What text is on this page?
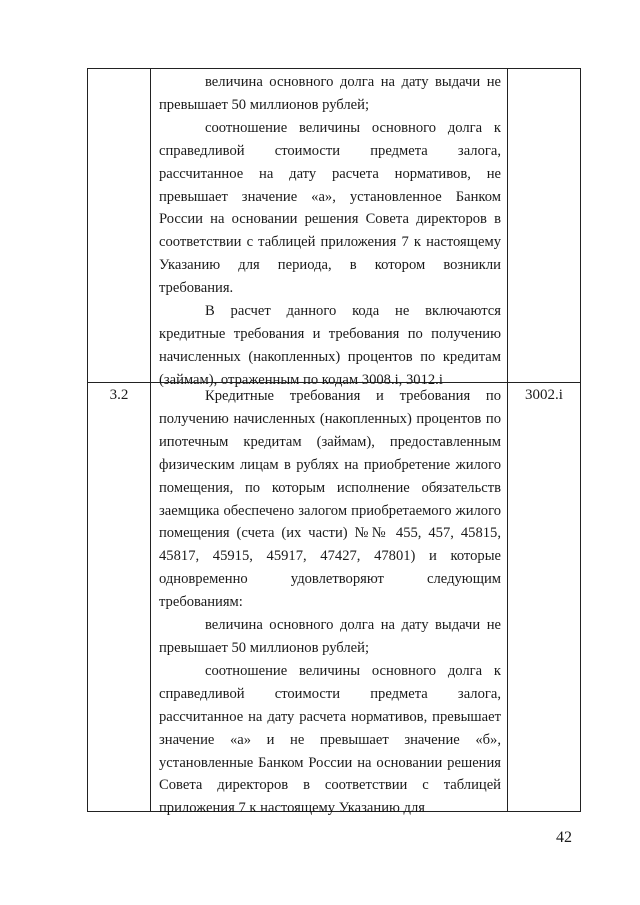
	величина основного долга на дату выдачи не превышает 50 миллионов рублей;

соотношение величины основного долга к справедливой стоимости предмета залога, рассчитанное на дату расчета нормативов, не превышает значение «а», установленное Банком России на основании решения Совета директоров в соответствии с таблицей приложения 7 к настоящему Указанию для периода, в котором возникли требования.

В расчет данного кода не включаются кредитные требования и требования по получению начисленных (накопленных) процентов по кредитам (займам), отраженным по кодам 3008.i, 3012.i	

3.2	Кредитные требования и требования по получению начисленных (накопленных) процентов по ипотечным кредитам (займам), предоставленным физическим лицам в рублях на приобретение жилого помещения, по которым исполнение обязательств заемщика обеспечено залогом приобретаемого жилого помещения (счета (их части) №№ 455, 457, 45815, 45817, 45915, 45917, 47427, 47801) и которые одновременно удовлетворяют следующим требованиям:

величина основного долга на дату выдачи не превышает 50 миллионов рублей;

соотношение величины основного долга к справедливой стоимости предмета залога, рассчитанное на дату расчета нормативов, превышает значение «а» и не превышает значение «б», установленные Банком России на основании решения Совета директоров в соответствии с таблицей приложения 7 к настоящему Указанию для	3002.i
42
